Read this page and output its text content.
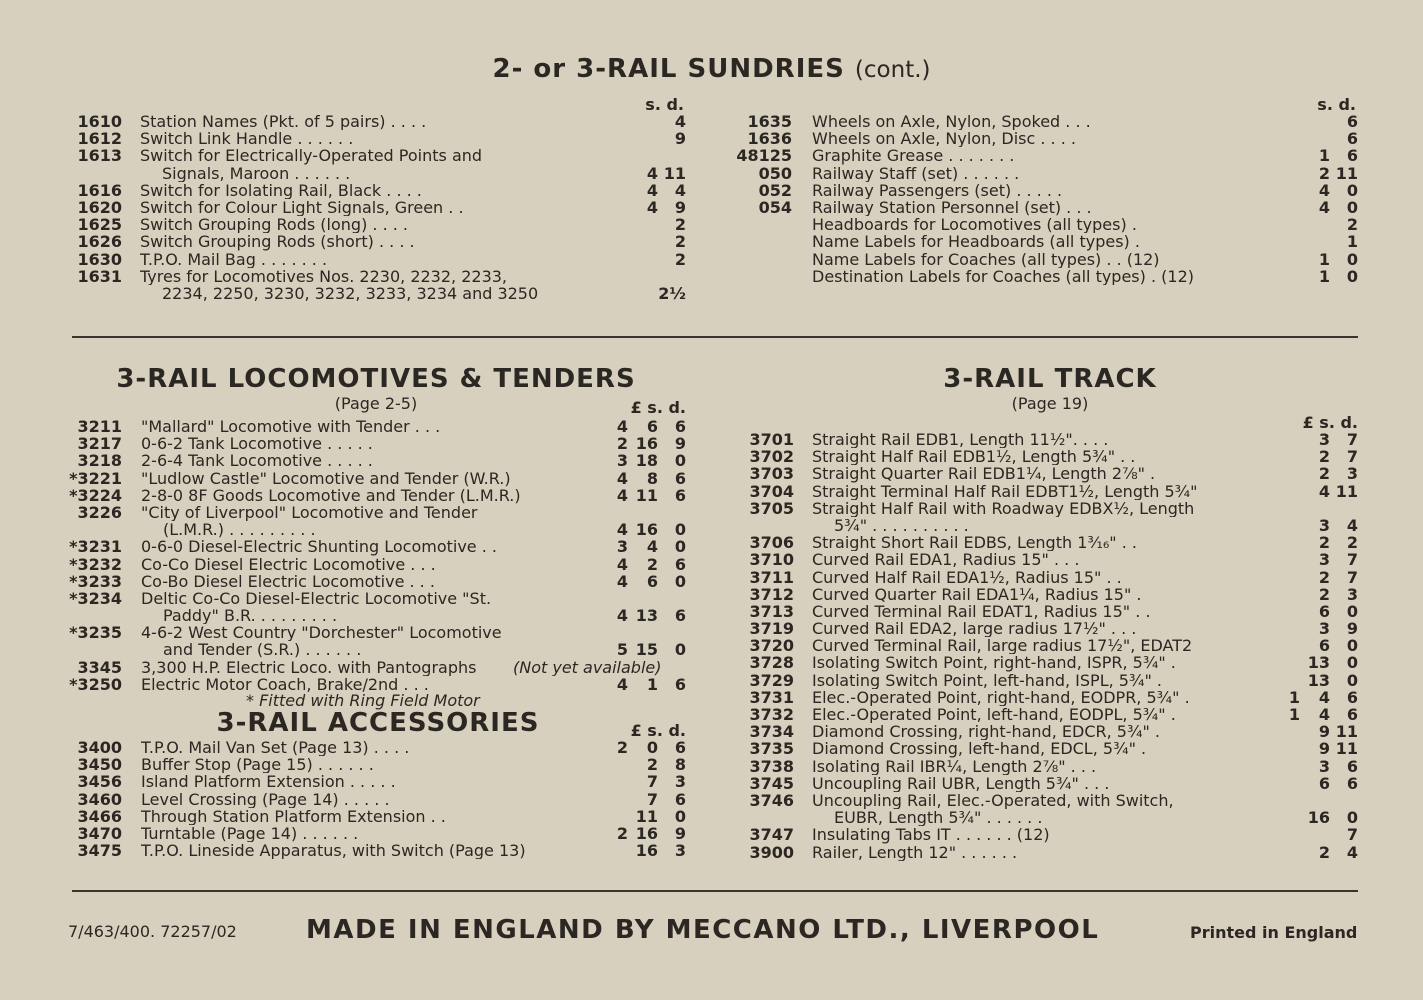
2- or 3-RAIL SUNDRIES (cont.)
s. d.
1610 Station Names (Pkt. of 5 pairs) . . . .	4
1612 Switch Link Handle . . . . . .	9
1613 Switch for Electrically-Operated Points and
Signals, Maroon . . . . . .	4 11
1616 Switch for Isolating Rail, Black . . . .	4 4
1620 Switch for Colour Light Signals, Green . .	4 9
1625 Switch Grouping Rods (long) . . . .	2
1626 Switch Grouping Rods (short) . . . .	2
1630 T.P.O. Mail Bag . . . . . . .	2
1631 Tyres for Locomotives Nos. 2230, 2232, 2233,
2234, 2250, 3230, 3232, 3233, 3234 and 3250	2½
s. d.
1635 Wheels on Axle, Nylon, Spoked . . .	6
1636 Wheels on Axle, Nylon, Disc . . . .	6
48125 Graphite Grease . . . . . . .	1 6
050 Railway Staff (set) . . . . . .	2 11
052 Railway Passengers (set) . . . . .	4 0
054 Railway Station Personnel (set) . . .	4 0
Headboards for Locomotives (all types) .	2
Name Labels for Headboards (all types) .	1
Name Labels for Coaches (all types) . . (12)	1 0
Destination Labels for Coaches (all types) . (12)	1 0
3-RAIL LOCOMOTIVES & TENDERS
(Page 2-5)	£ s. d.
3211 "Mallard" Locomotive with Tender . . .	4 6 6
3217 0-6-2 Tank Locomotive . . . . .	2 16 9
3218 2-6-4 Tank Locomotive . . . . .	3 18 0
*3221 "Ludlow Castle" Locomotive and Tender (W.R.)	4 8 6
*3224 2-8-0 8F Goods Locomotive and Tender (L.M.R.)	4 11 6
3226 "City of Liverpool" Locomotive and Tender
(L.M.R.) . . . . . . . . .	4 16 0
*3231 0-6-0 Diesel-Electric Shunting Locomotive . .	3 4 0
*3232 Co-Co Diesel Electric Locomotive . . .	4 2 6
*3233 Co-Bo Diesel Electric Locomotive . . .	4 6 0
*3234 Deltic Co-Co Diesel-Electric Locomotive "St.
Paddy" B.R. . . . . . . . .	4 13 6
*3235 4-6-2 West Country "Dorchester" Locomotive
and Tender (S.R.) . . . . . .	5 15 0
3345 3,300 H.P. Electric Loco. with Pantographs	(Not yet available)
*3250 Electric Motor Coach, Brake/2nd . . .	4 1 6
* Fitted with Ring Field Motor
3-RAIL ACCESSORIES	£ s. d.
3400 T.P.O. Mail Van Set (Page 13) . . . .	2 0 6
3450 Buffer Stop (Page 15) . . . . . .	2 8
3456 Island Platform Extension . . . . .	7 3
3460 Level Crossing (Page 14) . . . . .	7 6
3466 Through Station Platform Extension . .	11 0
3470 Turntable (Page 14) . . . . . .	2 16 9
3475 T.P.O. Lineside Apparatus, with Switch (Page 13)	16 3
3-RAIL TRACK
(Page 19)
£ s. d.
3701 Straight Rail EDB1, Length 11½". . . .	3 7
3702 Straight Half Rail EDB1½, Length 5¾" . .	2 7
3703 Straight Quarter Rail EDB1¼, Length 2⅞" .	2 3
3704 Straight Terminal Half Rail EDBT1½, Length 5¾"	4 11
3705 Straight Half Rail with Roadway EDBX½, Length
5¾" . . . . . . . . . .	3 4
3706 Straight Short Rail EDBS, Length 1³⁄₁₆" . .	2 2
3710 Curved Rail EDA1, Radius 15" . . .	3 7
3711 Curved Half Rail EDA1½, Radius 15" . .	2 7
3712 Curved Quarter Rail EDA1¼, Radius 15" .	2 3
3713 Curved Terminal Rail EDAT1, Radius 15" . .	6 0
3719 Curved Rail EDA2, large radius 17½" . . .	3 9
3720 Curved Terminal Rail, large radius 17½", EDAT2	6 0
3728 Isolating Switch Point, right-hand, ISPR, 5¾" .	13 0
3729 Isolating Switch Point, left-hand, ISPL, 5¾" .	13 0
3731 Elec.-Operated Point, right-hand, EODPR, 5¾" .	1 4 6
3732 Elec.-Operated Point, left-hand, EODPL, 5¾" .	1 4 6
3734 Diamond Crossing, right-hand, EDCR, 5¾" .	9 11
3735 Diamond Crossing, left-hand, EDCL, 5¾" .	9 11
3738 Isolating Rail IBR¼, Length 2⅞" . . .	3 6
3745 Uncoupling Rail UBR, Length 5¾" . . .	6 6
3746 Uncoupling Rail, Elec.-Operated, with Switch,
EUBR, Length 5¾" . . . . . .	16 0
3747 Insulating Tabs IT . . . . . . (12)	7
3900 Railer, Length 12" . . . . . .	2 4
7/463/400. 72257/02	MADE IN ENGLAND BY MECCANO LTD., LIVERPOOL	Printed in England
